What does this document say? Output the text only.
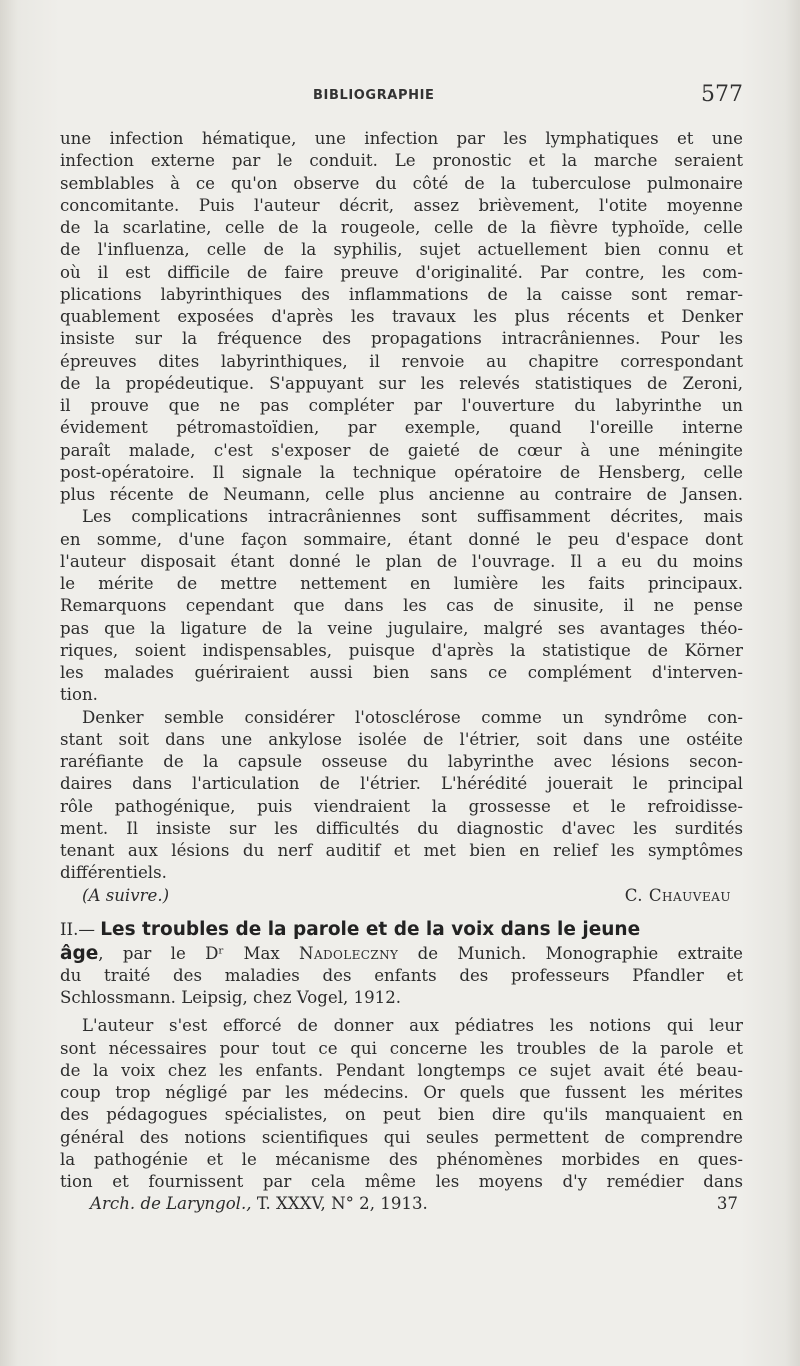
BIBLIOGRAPHIE	577
une infection hématique, une infection par les lymphatiques et une
infection externe par le conduit. Le pronostic et la marche seraient
semblables à ce qu'on observe du côté de la tuberculose pulmonaire
concomitante. Puis l'auteur décrit, assez brièvement, l'otite moyenne
de la scarlatine, celle de la rougeole, celle de la fièvre typhoïde, celle
de l'influenza, celle de la syphilis, sujet actuellement bien connu et
où il est difficile de faire preuve d'originalité. Par contre, les com-
plications labyrinthiques des inflammations de la caisse sont remar-
quablement exposées d'après les travaux les plus récents et Denker
insiste sur la fréquence des propagations intracrâniennes. Pour les
épreuves dites labyrinthiques, il renvoie au chapitre correspondant
de la propédeutique. S'appuyant sur les relevés statistiques de Zeroni,
il prouve que ne pas compléter par l'ouverture du labyrinthe un
évidement pétromastoïdien, par exemple, quand l'oreille interne
paraît malade, c'est s'exposer de gaieté de cœur à une méningite
post-opératoire. Il signale la technique opératoire de Hensberg, celle
plus récente de Neumann, celle plus ancienne au contraire de Jansen.
Les complications intracrâniennes sont suffisamment décrites, mais
en somme, d'une façon sommaire, étant donné le peu d'espace dont
l'auteur disposait étant donné le plan de l'ouvrage. Il a eu du moins
le mérite de mettre nettement en lumière les faits principaux.
Remarquons cependant que dans les cas de sinusite, il ne pense
pas que la ligature de la veine jugulaire, malgré ses avantages théo-
riques, soient indispensables, puisque d'après la statistique de Körner
les malades guériraient aussi bien sans ce complément d'interven-
tion.
Denker semble considérer l'otosclérose comme un syndrôme con-
stant soit dans une ankylose isolée de l'étrier, soit dans une ostéite
raréfiante de la capsule osseuse du labyrinthe avec lésions secon-
daires dans l'articulation de l'étrier. L'hérédité jouerait le principal
rôle pathogénique, puis viendraient la grossesse et le refroidisse-
ment. Il insiste sur les difficultés du diagnostic d'avec les surdités
tenant aux lésions du nerf auditif et met bien en relief les symptômes
différentiels.
(A suivre.)	C. Chauveau
II.— Les troubles de la parole et de la voix dans le jeune
âge, par le Dʳ Max Nadoleczny de Munich. Monographie extraite
du traité des maladies des enfants des professeurs Pfandler et
Schlossmann. Leipsig, chez Vogel, 1912.
L'auteur s'est efforcé de donner aux pédiatres les notions qui leur
sont nécessaires pour tout ce qui concerne les troubles de la parole et
de la voix chez les enfants. Pendant longtemps ce sujet avait été beau-
coup trop négligé par les médecins. Or quels que fussent les mérites
des pédagogues spécialistes, on peut bien dire qu'ils manquaient en
général des notions scientifiques qui seules permettent de comprendre
la pathogénie et le mécanisme des phénomènes morbides en ques-
tion et fournissent par cela même les moyens d'y remédier dans
Arch. de Laryngol., T. XXXV, N° 2, 1913.	37
